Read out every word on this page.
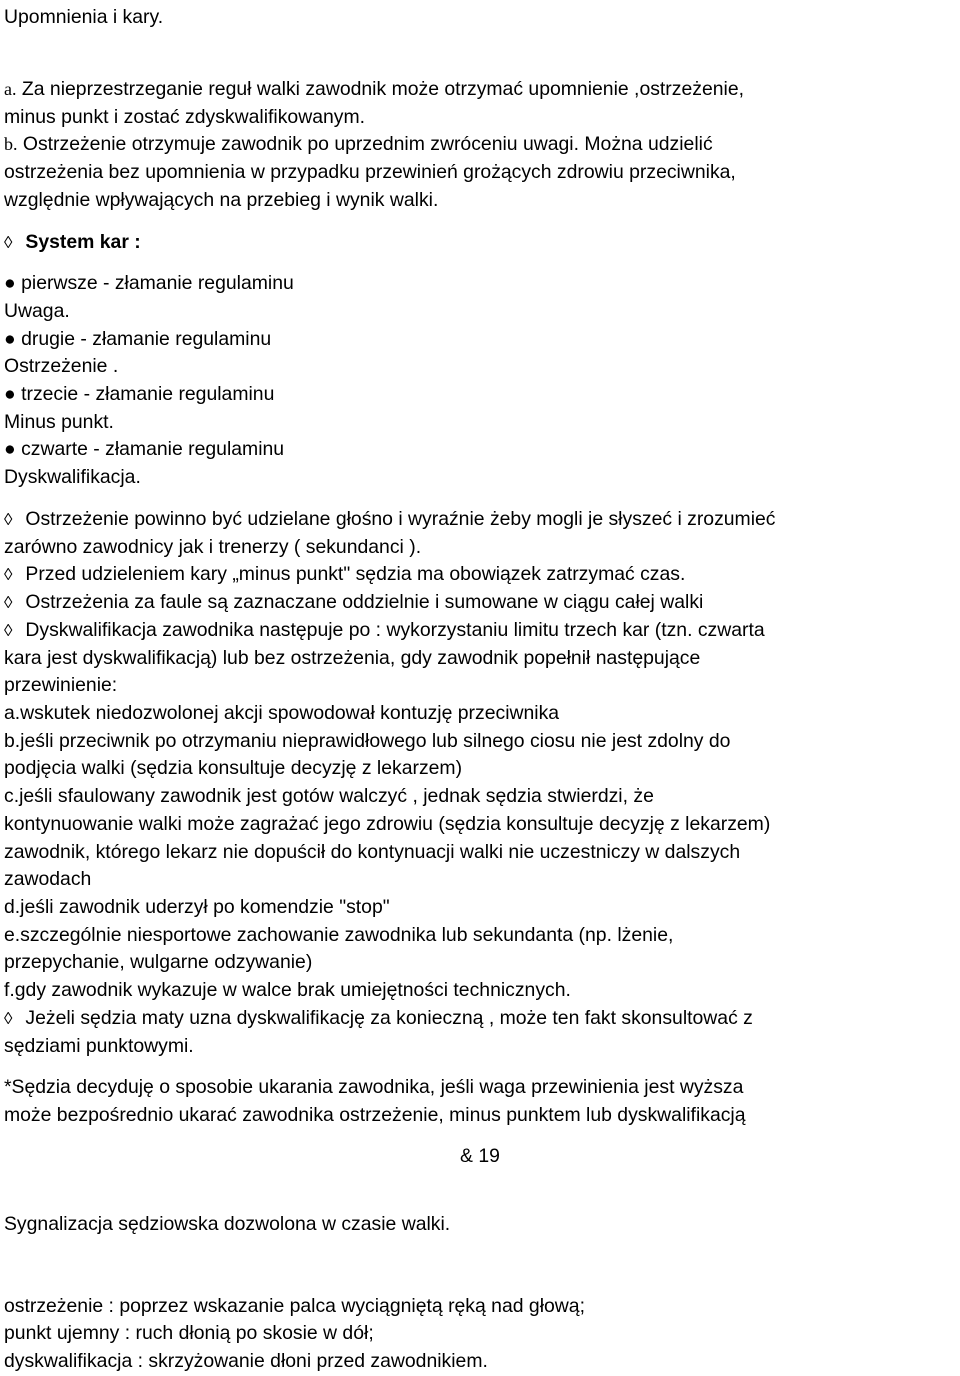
Upomnienia i kary.
a. Za nieprzestrzeganie reguł walki zawodnik może otrzymać upomnienie ,ostrzeżenie,
minus punkt i zostać zdyskwalifikowanym.
b. Ostrzeżenie otrzymuje zawodnik po uprzednim zwróceniu uwagi. Można udzielić
ostrzeżenia bez upomnienia w przypadku przewinień grożących zdrowiu przeciwnika,
względnie wpływających na przebieg i wynik walki.
◊ System kar :
● pierwsze - złamanie regulaminu
Uwaga.
● drugie - złamanie regulaminu
Ostrzeżenie .
● trzecie - złamanie regulaminu
Minus punkt.
● czwarte - złamanie regulaminu
Dyskwalifikacja.
◊ Ostrzeżenie powinno być udzielane głośno i wyraźnie żeby mogli je słyszeć i zrozumieć
zarówno zawodnicy jak i trenerzy ( sekundanci ).
◊ Przed udzieleniem kary „minus punkt" sędzia ma obowiązek zatrzymać czas.
◊ Ostrzeżenia za faule są zaznaczane oddzielnie i sumowane w ciągu całej walki
◊ Dyskwalifikacja zawodnika następuje po : wykorzystaniu limitu trzech kar (tzn. czwarta
kara jest dyskwalifikacją) lub bez ostrzeżenia, gdy zawodnik popełnił następujące
przewinienie:
a.wskutek niedozwolonej akcji spowodował kontuzję przeciwnika
b.jeśli przeciwnik po otrzymaniu nieprawidłowego lub silnego ciosu nie jest zdolny do
podjęcia walki (sędzia konsultuje decyzję z lekarzem)
c.jeśli sfaulowany zawodnik jest gotów walczyć , jednak sędzia stwierdzi, że
kontynuowanie walki może zagrażać jego zdrowiu (sędzia konsultuje decyzję z lekarzem)
zawodnik, którego lekarz nie dopuścił do kontynuacji walki nie uczestniczy w dalszych
zawodach
d.jeśli zawodnik uderzył po komendzie "stop"
e.szczególnie niesportowe zachowanie zawodnika lub sekundanta (np. lżenie,
przepychanie, wulgarne odzywanie)
f.gdy zawodnik wykazuje w walce brak umiejętności technicznych.
◊ Jeżeli sędzia maty uzna dyskwalifikację za konieczną , może ten fakt skonsultować z
sędziami punktowymi.
*Sędzia decyduję o sposobie ukarania zawodnika, jeśli waga przewinienia jest wyższa
może bezpośrednio ukarać zawodnika ostrzeżenie, minus punktem lub dyskwalifikacją
& 19
Sygnalizacja sędziowska dozwolona w czasie walki.
ostrzeżenie : poprzez wskazanie palca wyciągniętą ręką nad głową;
punkt ujemny : ruch dłonią po skosie w dół;
dyskwalifikacja : skrzyżowanie dłoni przed zawodnikiem.
